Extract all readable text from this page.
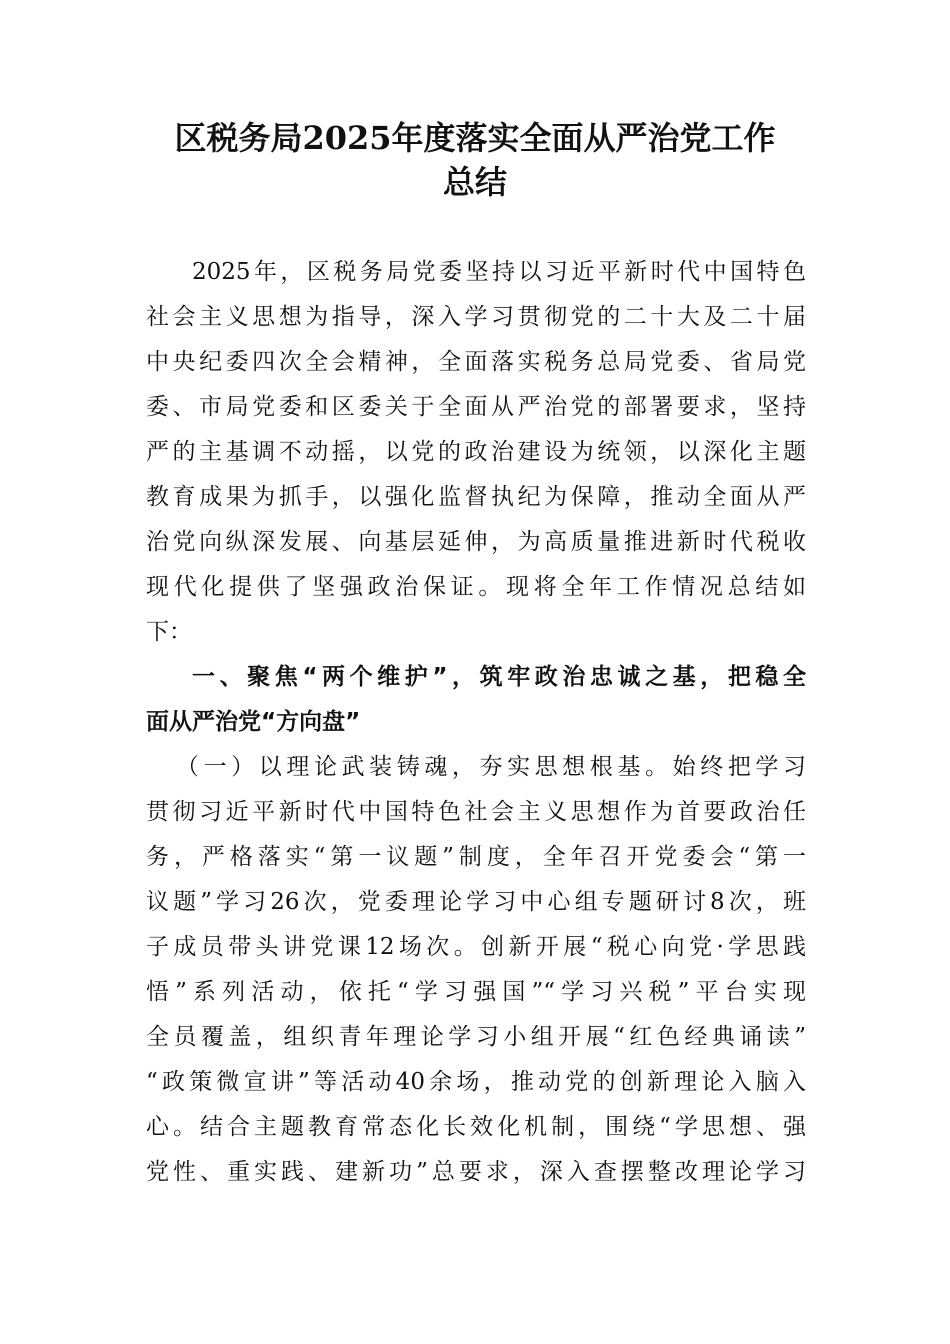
区税务局2025年度落实全面从严治党工作
总结
2025年，区税务局党委坚持以习近平新时代中国特色
社会主义思想为指导，深入学习贯彻党的二十大及二十届
中央纪委四次全会精神，全面落实税务总局党委、省局党
委、市局党委和区委关于全面从严治党的部署要求，坚持
严的主基调不动摇，以党的政治建设为统领，以深化主题
教育成果为抓手，以强化监督执纪为保障，推动全面从严
治党向纵深发展、向基层延伸，为高质量推进新时代税收
现代化提供了坚强政治保证。现将全年工作情况总结如
下：
一、聚焦“两个维护”，筑牢政治忠诚之基，把稳全
面从严治党“方向盘”
（一）以理论武装铸魂，夯实思想根基。始终把学习
贯彻习近平新时代中国特色社会主义思想作为首要政治任
务，严格落实“第一议题”制度，全年召开党委会“第一
议题”学习26次，党委理论学习中心组专题研讨8次，班
子成员带头讲党课12场次。创新开展“税心向党·学思践
悟”系列活动，依托“学习强国”“学习兴税”平台实现
全员覆盖，组织青年理论学习小组开展“红色经典诵读”
“政策微宣讲”等活动40余场，推动党的创新理论入脑入
心。结合主题教育常态化长效化机制，围绕“学思想、强
党性、重实践、建新功”总要求，深入查摆整改理论学习
